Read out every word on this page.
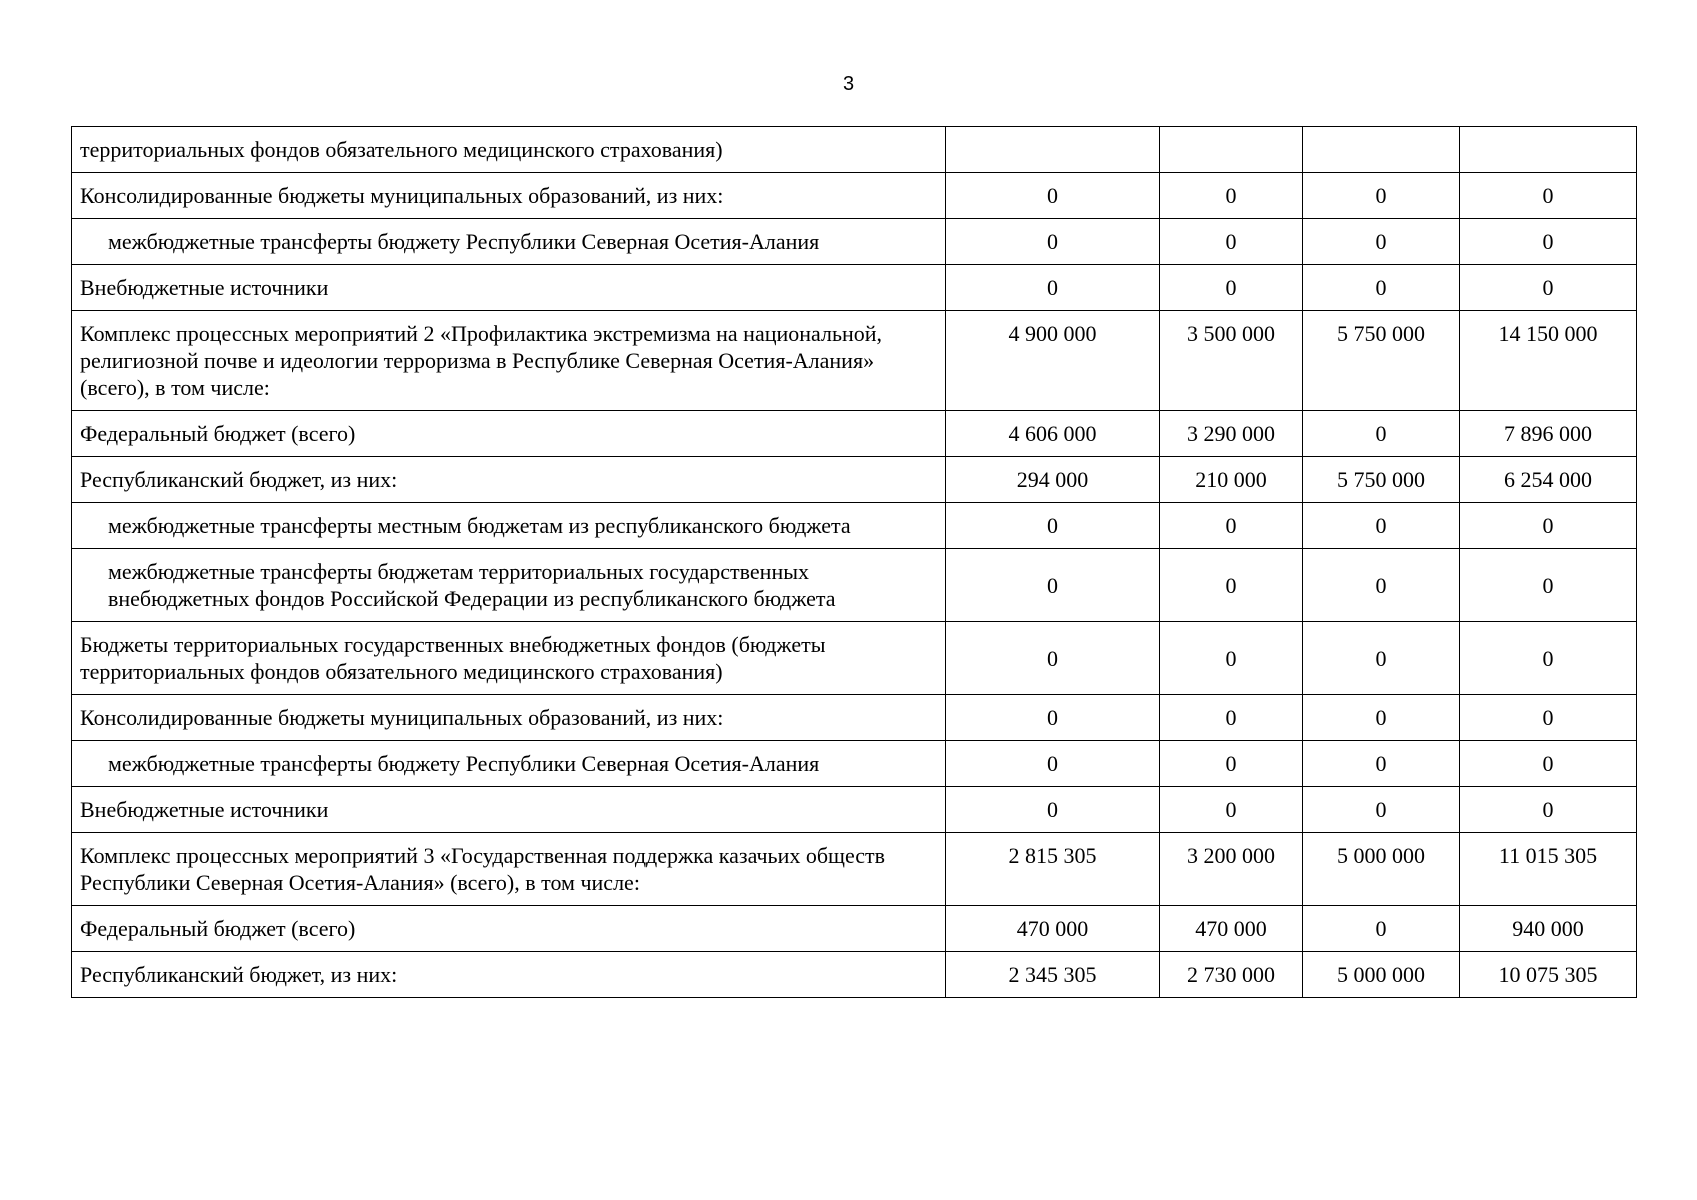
3
территориальных фондов обязательного медицинского страхования)				
Консолидированные бюджеты муниципальных образований, из них:	0	0	0	0
межбюджетные трансферты бюджету Республики Северная Осетия-Алания	0	0	0	0
Внебюджетные источники	0	0	0	0
Комплекс процессных мероприятий 2 «Профилактика экстремизма на национальной, религиозной почве и идеологии терроризма в Республике Северная Осетия-Алания» (всего), в том числе:	4 900 000	3 500 000	5 750 000	14 150 000
Федеральный бюджет (всего)	4 606 000	3 290 000	0	7 896 000
Республиканский бюджет, из них:	294 000	210 000	5 750 000	6 254 000
межбюджетные трансферты местным бюджетам из республиканского бюджета	0	0	0	0
межбюджетные трансферты бюджетам территориальных государственных внебюджетных фондов Российской Федерации из республиканского бюджета	0	0	0	0
Бюджеты территориальных государственных внебюджетных фондов (бюджеты территориальных фондов обязательного медицинского страхования)	0	0	0	0
Консолидированные бюджеты муниципальных образований, из них:	0	0	0	0
межбюджетные трансферты бюджету Республики Северная Осетия-Алания	0	0	0	0
Внебюджетные источники	0	0	0	0
Комплекс процессных мероприятий 3 «Государственная поддержка казачьих обществ Республики Северная Осетия-Алания» (всего), в том числе:	2 815 305	3 200 000	5 000 000	11 015 305
Федеральный бюджет (всего)	470 000	470 000	0	940 000
Республиканский бюджет, из них:	2 345 305	2 730 000	5 000 000	10 075 305
